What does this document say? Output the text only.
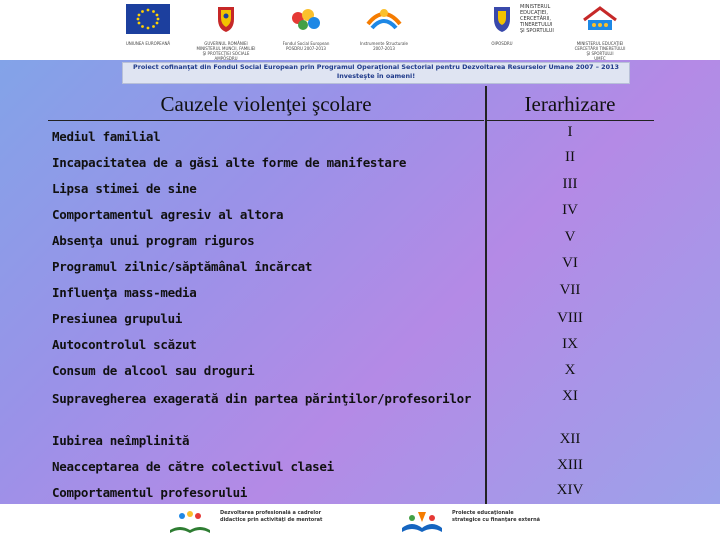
UNIUNEA EUROPEANĂ	GUVERNUL ROMÂNIEI
MINISTERUL MUNCII, FAMILIEI
ŞI PROTECŢIEI SOCIALE
AMPOSDRU
Fondul Social European
POSDRU 2007-2013
Instrumente Structurale
2007-2013
OIPOSDRU
MINISTERUL
EDUCAŢIEI,
CERCETĂRII,
TINERETULUI
ŞI SPORTULUI
MINISTERUL EDUCAŢIEI
CERCETĂRII TINERETULUI
ŞI SPORTULUI
UMFC
Proiect cofinanţat din Fondul Social European prin Programul Operaţional Sectorial pentru Dezvoltarea Resurselor Umane 2007 – 2013
Investeşte în oameni!
Cauzele violenţei şcolare	Ierarhizare
Mediul familial	I
Incapacitatea de a găsi alte forme de manifestare	II
Lipsa stimei de sine	III
Comportamentul agresiv al altora	IV
Absenţa unui program riguros	V
Programul zilnic/săptămânal încărcat	VI
Influenţa mass-media	VII
Presiunea grupului	VIII
Autocontrolul scăzut	IX
Consum de alcool sau droguri	X
Supravegherea exagerată din partea părinţilor/profesorilor	XI
Iubirea neîmplinită	XII
Neacceptarea de către colectivul clasei	XIII
Comportamentul profesorului	XIV
Dezvoltarea profesională a cadrelor
didactice prin activităţi de mentorat
Proiecte educaţionale
strategice cu finanţare externă
